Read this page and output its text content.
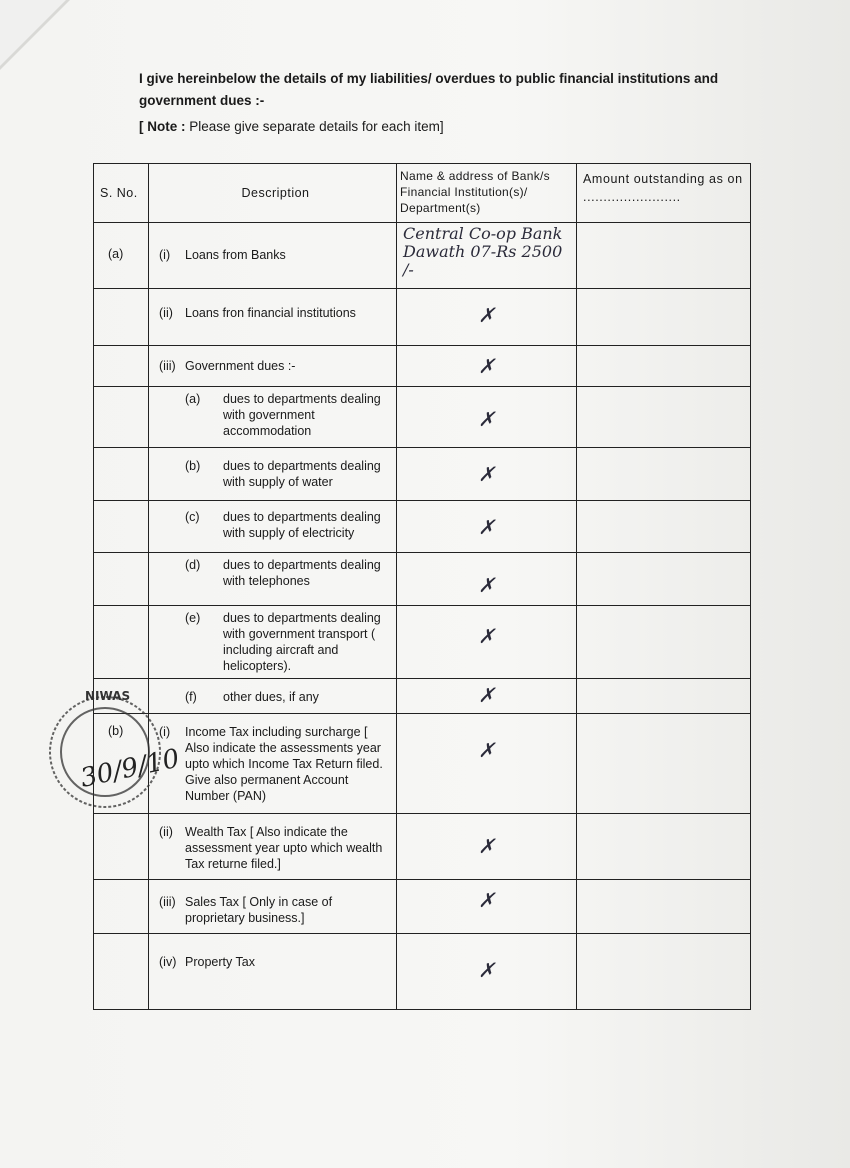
I give hereinbelow the details of my liabilities/ overdues to public financial institutions and government dues :-
[ Note : Please give separate details for each item]
S. No.	Description	Name & address of Bank/s Financial Institution(s)/ Department(s)	Amount outstanding as on ........................

(a)	(i) Loans from Banks	Central Co-op Bank Dawath 07-Rs 2500 /-	

	(ii) Loans fron financial institutions	✗	

	(iii) Government dues :-	✗	

	(a) dues to departments dealing with government accommodation	✗	

	(b) dues to departments dealing with supply of water	✗	

	(c) dues to departments dealing with supply of electricity	✗	

	(d) dues to departments dealing with telephones	✗	

	(e) dues to departments dealing with government transport ( including aircraft and helicopters).	✗	

	(f) other dues, if any	✗	

(b)	(i) Income Tax including surcharge [ Also indicate the assessments year upto which Income Tax Return filed. Give also permanent Account Number (PAN)	✗	

	(ii) Wealth Tax [ Also indicate the assessment year upto which wealth Tax returne filed.]	✗	

	(iii) Sales Tax [ Only in case of proprietary business.]	✗	

	(iv) Property Tax	✗	

NIWAS
30/9/10
